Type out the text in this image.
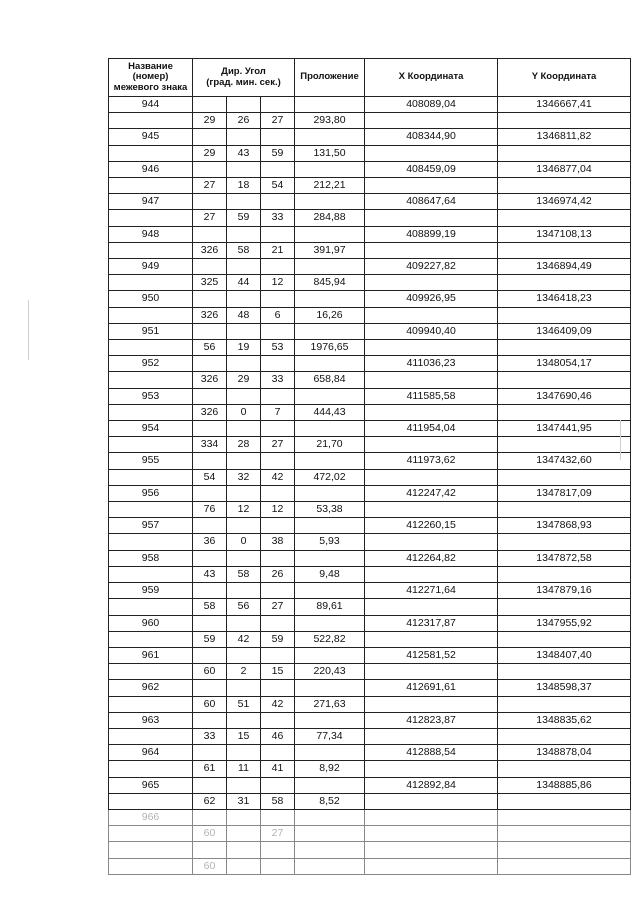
Название
(номер)
межевого знака	Дир. Угол
(град. мин. сек.)			Проложение	X Координата	Y Координата
944					408089,04	1346667,41
	29	26	27	293,80		
945					408344,90	1346811,82
	29	43	59	131,50		
946					408459,09	1346877,04
	27	18	54	212,21		
947					408647,64	1346974,42
	27	59	33	284,88		
948					408899,19	1347108,13
	326	58	21	391,97		
949					409227,82	1346894,49
	325	44	12	845,94		
950					409926,95	1346418,23
	326	48	6	16,26		
951					409940,40	1346409,09
	56	19	53	1976,65		
952					411036,23	1348054,17
	326	29	33	658,84		
953					411585,58	1347690,46
	326	0	7	444,43		
954					411954,04	1347441,95
	334	28	27	21,70		
955					411973,62	1347432,60
	54	32	42	472,02		
956					412247,42	1347817,09
	76	12	12	53,38		
957					412260,15	1347868,93
	36	0	38	5,93		
958					412264,82	1347872,58
	43	58	26	9,48		
959					412271,64	1347879,16
	58	56	27	89,61		
960					412317,87	1347955,92
	59	42	59	522,82		
961					412581,52	1348407,40
	60	2	15	220,43		
962					412691,61	1348598,37
	60	51	42	271,63		
963					412823,87	1348835,62
	33	15	46	77,34		
964					412888,54	1348878,04
	61	11	41	8,92		
965					412892,84	1348885,86
	62	31	58	8,52		
966						
	60		27			

	60					
